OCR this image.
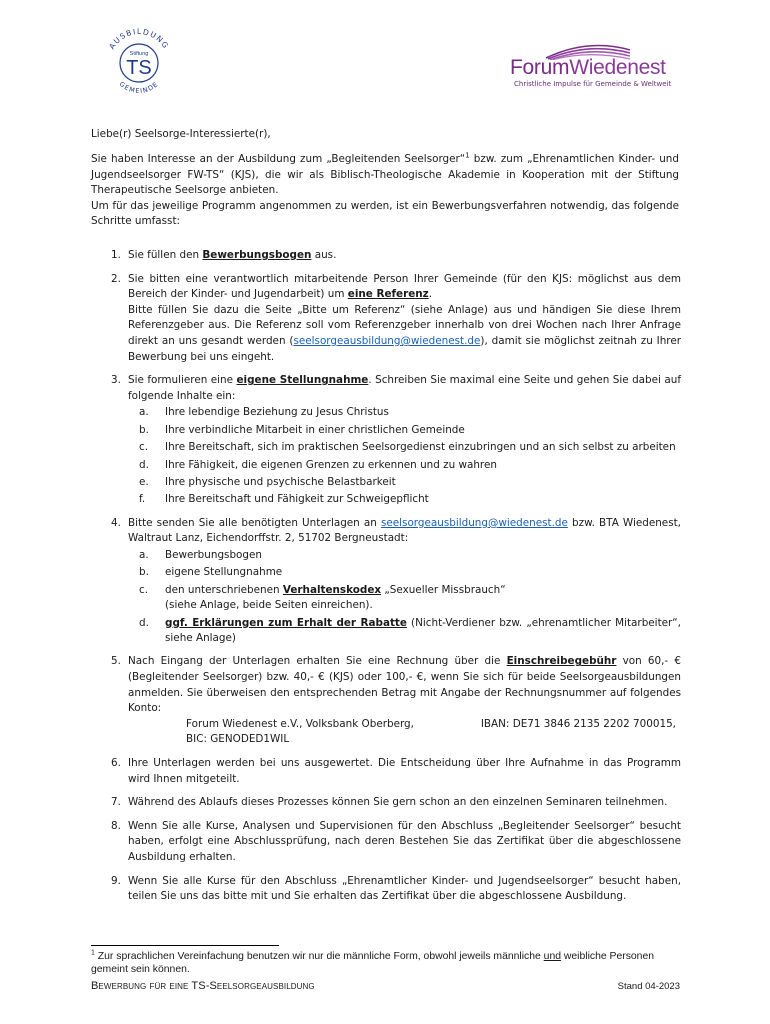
AUSBILDUNG
GEMEINDE
Stiftung
TS	ForumWiedenest
Christliche Impulse für Gemeinde & Weltweit
Liebe(r) Seelsorge-Interessierte(r),

Sie haben Interesse an der Ausbildung zum „Begleitenden Seelsorger“$^1$ bzw. zum „Ehrenamtlichen Kinder- und Jugendseelsorger FW-TS“ (KJS), die wir als Biblisch-Theologische Akademie in Kooperation mit der Stiftung Therapeutische Seelsorge anbieten.

Um für das jeweilige Programm angenommen zu werden, ist ein Bewerbungsverfahren notwendig, das folgende Schritte umfasst:

1. Sie füllen den Bewerbungsbogen aus.
2. Sie bitten eine verantwortlich mitarbeitende Person Ihrer Gemeinde (für den KJS: möglichst aus dem Bereich der Kinder- und Jugendarbeit) um eine Referenz.

Bitte füllen Sie dazu die Seite „Bitte um Referenz“ (siehe Anlage) aus und händigen Sie diese Ihrem Referenzgeber aus. Die Referenz soll vom Referenzgeber innerhalb von drei Wochen nach Ihrer Anfrage direkt an uns gesandt werden (seelsorgeausbildung@wiedenest.de), damit sie möglichst zeitnah zu Ihrer Bewerbung bei uns eingeht.

3. Sie formulieren eine eigene Stellungnahme. Schreiben Sie maximal eine Seite und gehen Sie dabei auf folgende Inhalte ein:

a. Ihre lebendige Beziehung zu Jesus Christus
b. Ihre verbindliche Mitarbeit in einer christlichen Gemeinde
c. Ihre Bereitschaft, sich im praktischen Seelsorgedienst einzubringen und an sich selbst zu arbeiten
d. Ihre Fähigkeit, die eigenen Grenzen zu erkennen und zu wahren
e. Ihre physische und psychische Belastbarkeit
f. Ihre Bereitschaft und Fähigkeit zur Schweigepflicht
4. Bitte senden Sie alle benötigten Unterlagen an seelsorgeausbildung@wiedenest.de bzw. BTA Wiedenest, Waltraut Lanz, Eichendorffstr. 2, 51702 Bergneustadt:

a. Bewerbungsbogen
b. eigene Stellungnahme
c. den unterschriebenen Verhaltenskodex „Sexueller Missbrauch“
(siehe Anlage, beide Seiten einreichen).
d. ggf. Erklärungen zum Erhalt der Rabatte (Nicht-Verdiener bzw. „ehrenamtlicher Mitarbeiter“, siehe Anlage)
5. Nach Eingang der Unterlagen erhalten Sie eine Rechnung über die Einschreibegebühr von 60,- € (Begleitender Seelsorger) bzw. 40,- € (KJS) oder 100,- €, wenn Sie sich für beide Seelsorgeausbildungen anmelden. Sie überweisen den entsprechenden Betrag mit Angabe der Rechnungsnummer auf folgendes Konto:

Forum Wiedenest e.V., Volksbank Oberberg,	IBAN: DE71 3846 2135 2202 700015,
BIC: GENODED1WIL
6. Ihre Unterlagen werden bei uns ausgewertet. Die Entscheidung über Ihre Aufnahme in das Programm wird Ihnen mitgeteilt.
7. Während des Ablaufs dieses Prozesses können Sie gern schon an den einzelnen Seminaren teilnehmen.
8. Wenn Sie alle Kurse, Analysen und Supervisionen für den Abschluss „Begleitender Seelsorger“ besucht haben, erfolgt eine Abschlussprüfung, nach deren Bestehen Sie das Zertifikat über die abgeschlossene Ausbildung erhalten.
9. Wenn Sie alle Kurse für den Abschluss „Ehrenamtlicher Kinder- und Jugendseelsorger“ besucht haben, teilen Sie uns das bitte mit und Sie erhalten das Zertifikat über die abgeschlossene Ausbildung.
$^1$ Zur sprachlichen Vereinfachung benutzen wir nur die männliche Form, obwohl jeweils männliche und weibliche Personen gemeint sein können.
Bewerbung für eine TS-Seelsorgeausbildung	Stand 04-2023
